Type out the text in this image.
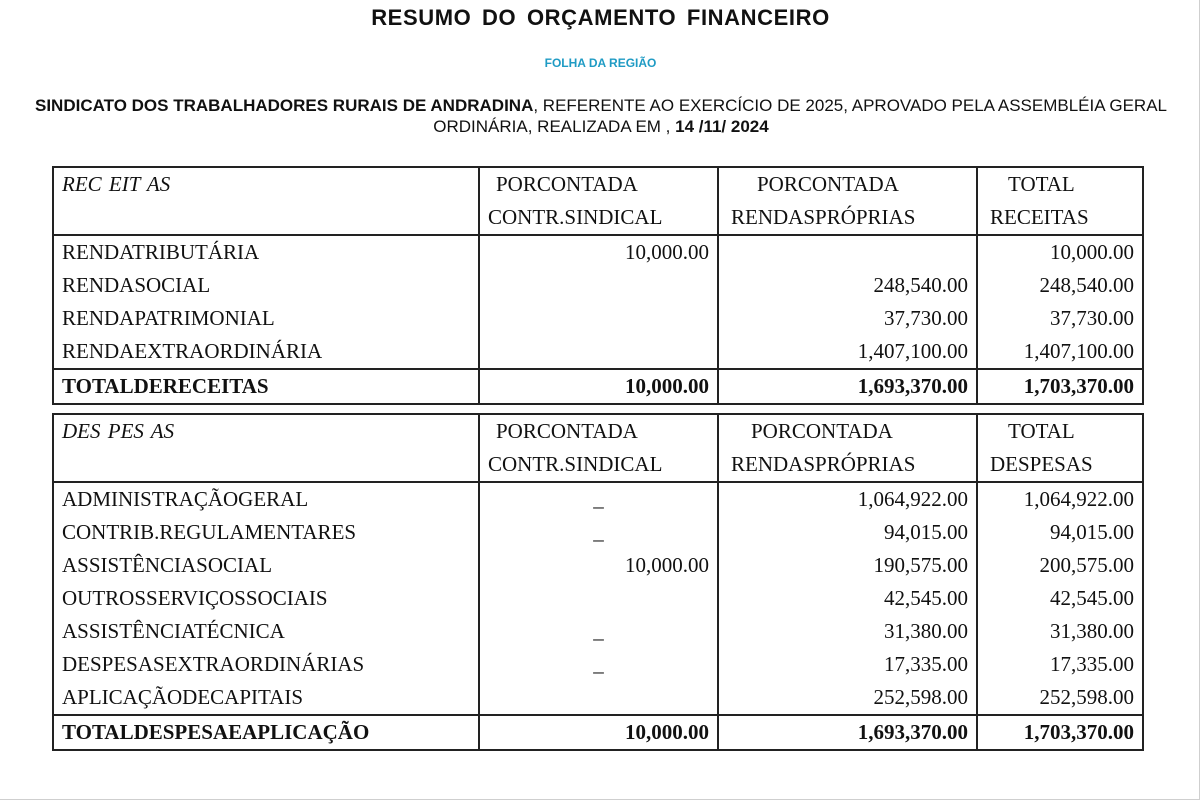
RESUMO DO ORÇAMENTO FINANCEIRO
FOLHA DA REGIÃO
SINDICATO DOS TRABALHADORES RURAIS DE ANDRADINA, REFERENTE AO EXERCÍCIO DE 2025, APROVADO PELA ASSEMBLÉIA GERAL ORDINÁRIA, REALIZADA EM , 14 /11/ 2024
REC EIT AS	PORCONTADA	PORCONTADA	TOTAL
	CONTR.SINDICAL	RENDASPRÓPRIAS	RECEITAS
RENDATRIBUTÁRIA	10,000.00		10,000.00
RENDASOCIAL		248,540.00	248,540.00
RENDAPATRIMONIAL		37,730.00	37,730.00
RENDAEXTRAORDINÁRIA		1,407,100.00	1,407,100.00
TOTALDERECEITAS	10,000.00	1,693,370.00	1,703,370.00
DES PES AS	PORCONTADA	PORCONTADA	TOTAL
	CONTR.SINDICAL	RENDASPRÓPRIAS	DESPESAS
ADMINISTRAÇÃOGERAL	_	1,064,922.00	1,064,922.00
CONTRIB.REGULAMENTARES	_	94,015.00	94,015.00
ASSISTÊNCIASOCIAL	10,000.00	190,575.00	200,575.00
OUTROSSERVIÇOSSOCIAIS		42,545.00	42,545.00
ASSISTÊNCIATÉCNICA	_	31,380.00	31,380.00
DESPESASEXTRAORDINÁRIAS	_	17,335.00	17,335.00
APLICAÇÃODECAPITAIS		252,598.00	252,598.00
TOTALDESPESAEAPLICAÇÃO	10,000.00	1,693,370.00	1,703,370.00
